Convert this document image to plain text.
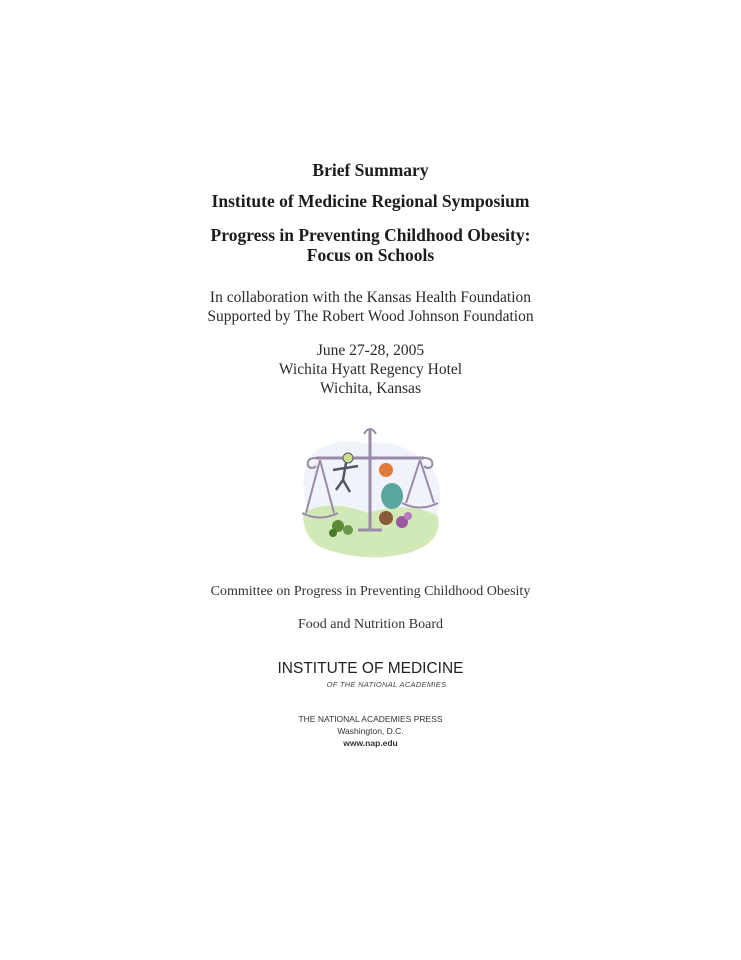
Brief Summary
Institute of Medicine Regional Symposium
Progress in Preventing Childhood Obesity:
Focus on Schools
In collaboration with the Kansas Health Foundation
Supported by The Robert Wood Johnson Foundation
June 27-28, 2005
Wichita Hyatt Regency Hotel
Wichita, Kansas
Committee on Progress in Preventing Childhood Obesity
Food and Nutrition Board
INSTITUTE OF MEDICINE
OF THE NATIONAL ACADEMIES
THE NATIONAL ACADEMIES PRESS
Washington, D.C.
www.nap.edu
